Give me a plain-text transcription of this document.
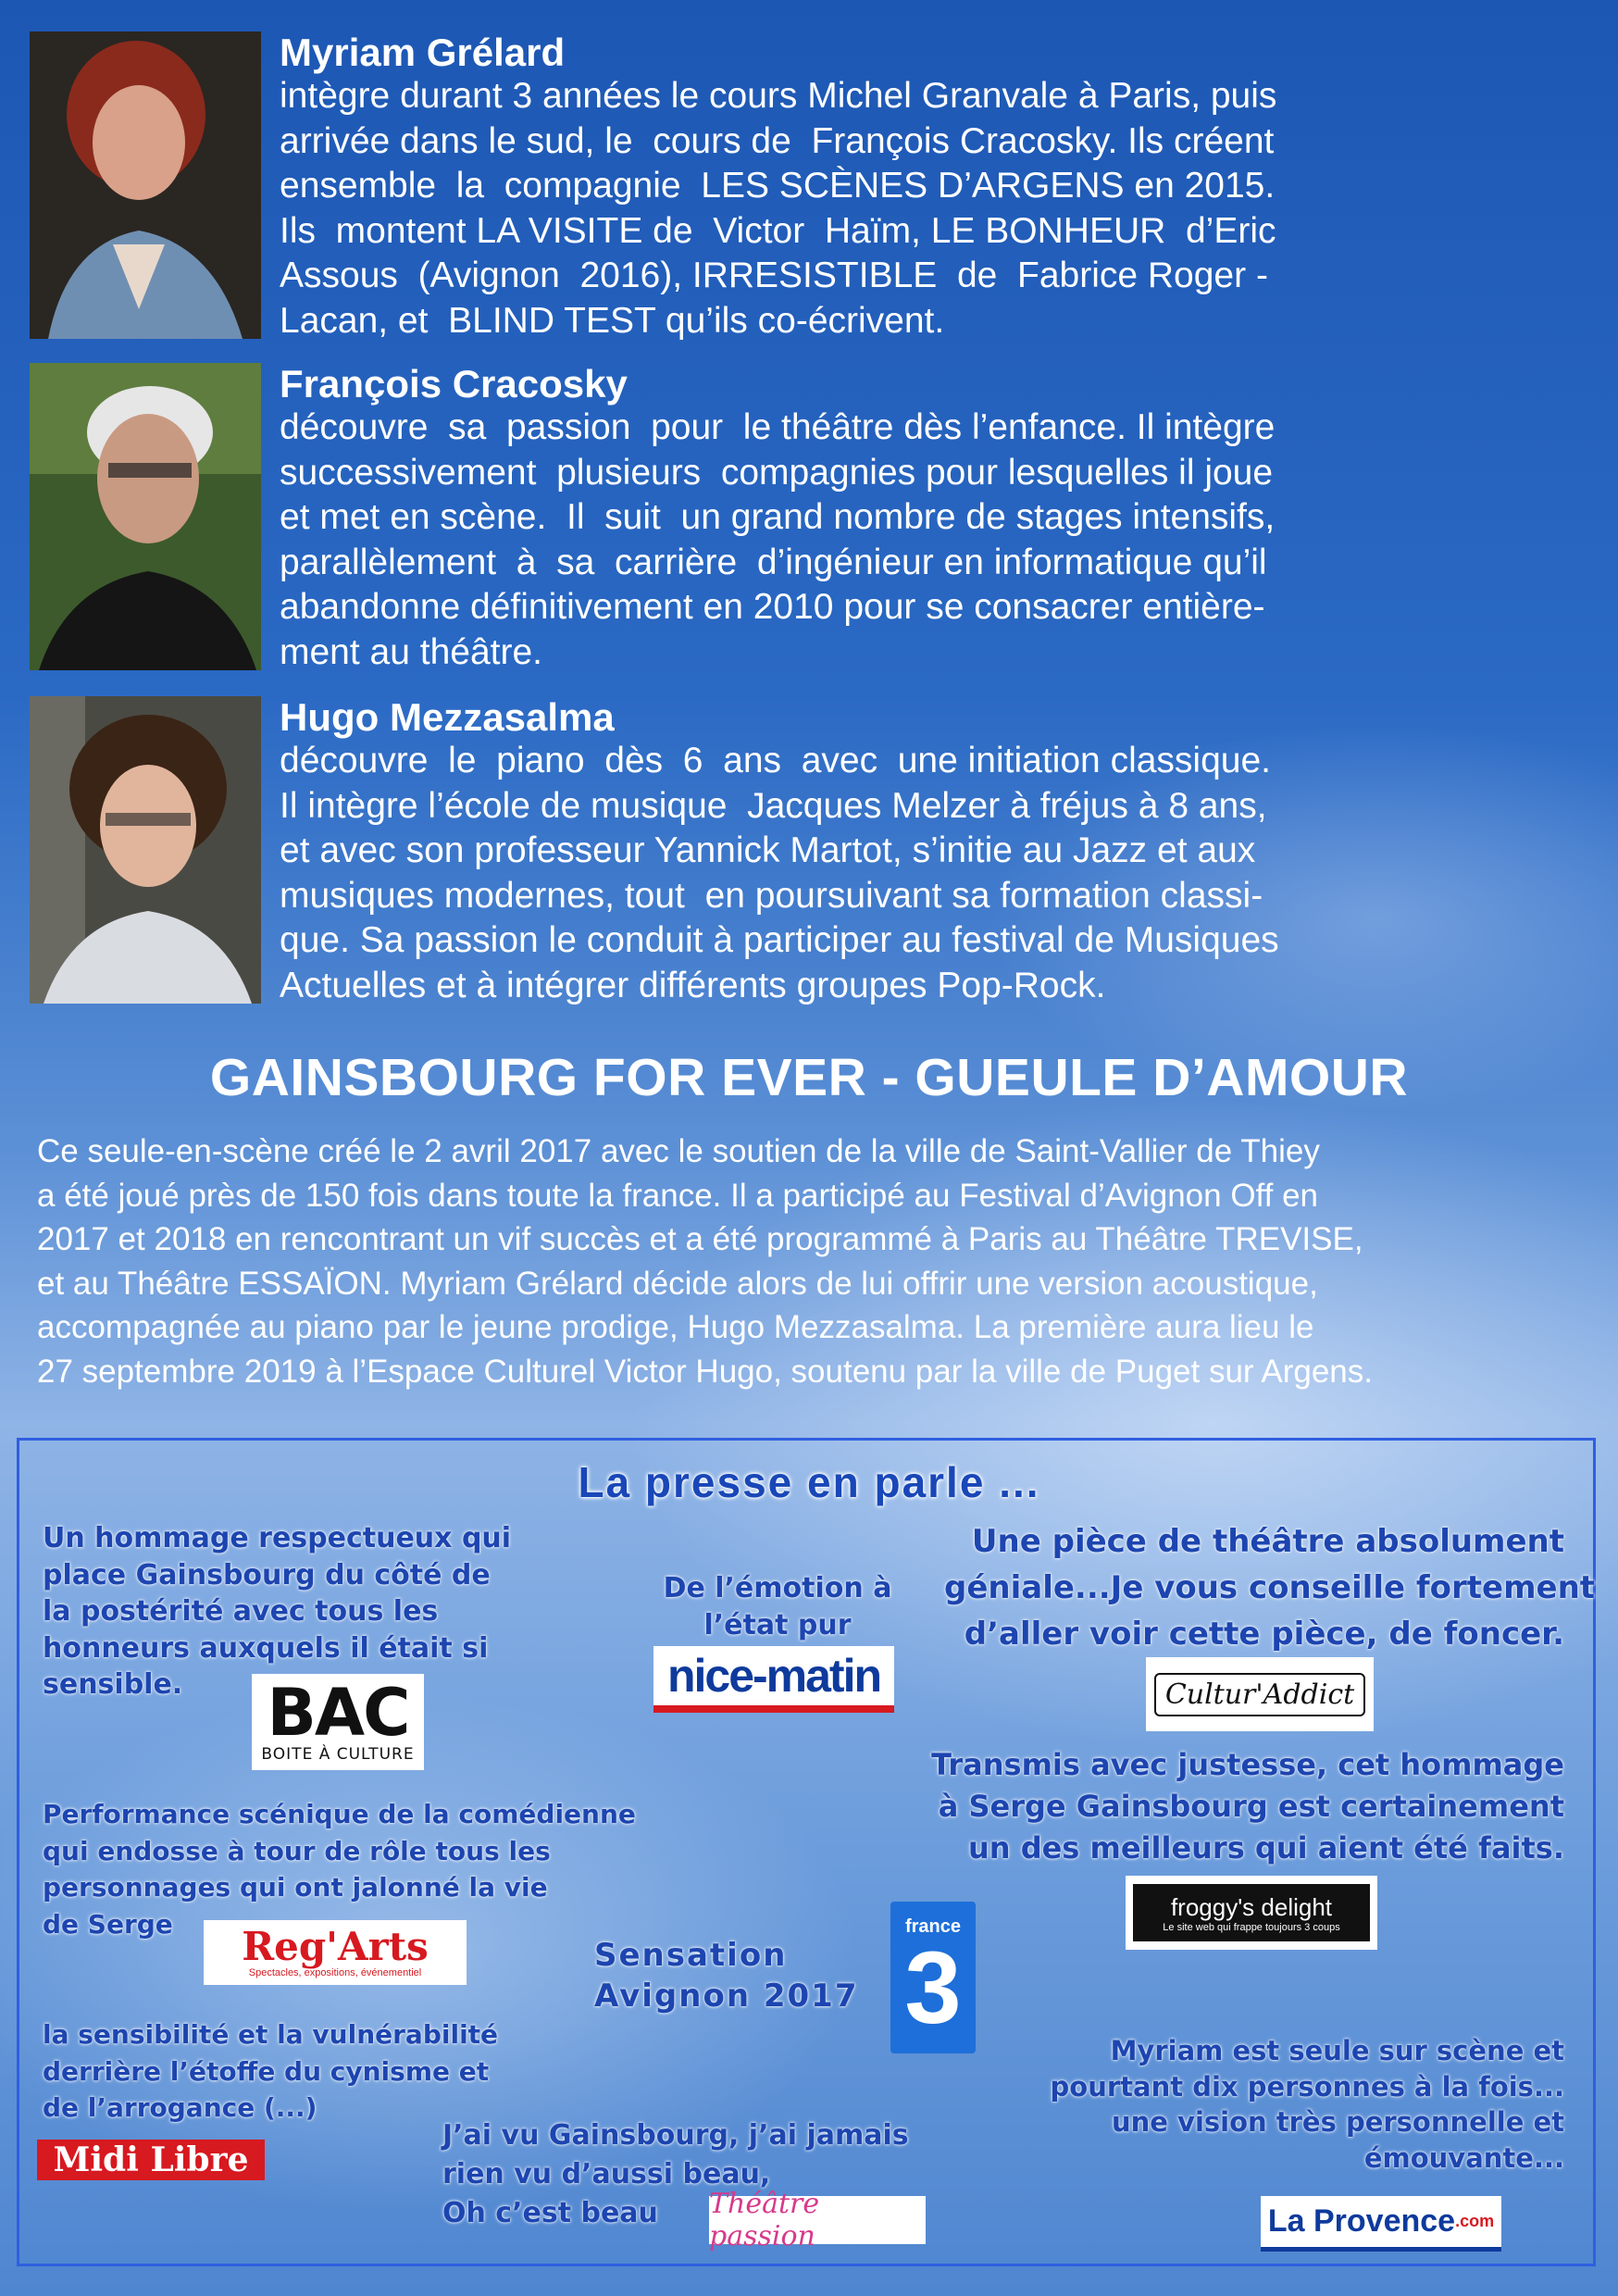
Myriam Grélard

intègre durant 3 années le cours Michel Granvale à Paris, puis

arrivée dans le sud, le  cours de  François Cracosky. Ils créent

ensemble  la  compagnie  LES SCÈNES D’ARGENS en 2015.

Ils  montent LA VISITE de  Victor  Haïm, LE BONHEUR  d’Eric

Assous  (Avignon  2016), IRRESISTIBLE  de  Fabrice Roger -

Lacan, et  BLIND TEST qu’ils co-écrivent.

François Cracosky

découvre  sa  passion  pour  le théâtre dès l’enfance. Il intègre

successivement  plusieurs  compagnies pour lesquelles il joue

et met en scène.  Il  suit  un grand nombre de stages intensifs,

parallèlement  à  sa  carrière  d’ingénieur en informatique qu’il

abandonne définitivement en 2010 pour se consacrer entière-

ment au théâtre.

Hugo Mezzasalma

découvre  le  piano  dès  6  ans  avec  une initiation classique.

Il intègre l’école de musique  Jacques Melzer à fréjus à 8 ans,

et avec son professeur Yannick Martot, s’initie au Jazz et aux

musiques modernes, tout  en poursuivant sa formation classi-

que. Sa passion le conduit à participer au festival de Musiques

Actuelles et à intégrer différents groupes Pop-Rock.

GAINSBOURG FOR EVER - GUEULE D’AMOUR

Ce seule-en-scène créé le 2 avril 2017 avec le soutien de la ville de Saint-Vallier de Thiey

a été joué près de 150 fois dans toute la france. Il a participé au Festival d’Avignon Off en

2017 et 2018 en rencontrant un vif succès et a été programmé à Paris au Théâtre TREVISE,

et au Théâtre ESSAÏON. Myriam Grélard décide alors de lui offrir une version acoustique,

accompagnée au piano par le jeune prodige, Hugo Mezzasalma. La première aura lieu le

27 septembre 2019 à l’Espace Culturel Victor Hugo, soutenu par la ville de Puget sur Argens.

La presse en parle ...

Un hommage respectueux qui

place Gainsbourg du côté de

la postérité avec tous les

honneurs auxquels il était si

sensible.

De l’émotion à

l’état pur

Une pièce de théâtre absolument

géniale...Je vous conseille fortement

d’aller voir cette pièce, de foncer.

Transmis avec justesse, cet hommage

à Serge Gainsbourg est certainement

un des meilleurs qui aient été faits.

Performance scénique de la comédienne

qui endosse à tour de rôle tous les

personnages qui ont jalonné la vie

de Serge

Sensation

Avignon 2017

la sensibilité et la vulnérabilité

derrière l’étoffe du cynisme et

de l’arrogance (...)

J’ai vu Gainsbourg, j’ai jamais

rien vu d’aussi beau,

Oh c’est beau

Myriam est seule sur scène et

pourtant dix personnes à la fois...

une vision très personnelle et

émouvante...

BAC
BOITE À CULTURE
nice-matin	Cultur'Addict
froggy's delight
Le site web qui frappe toujours 3 coups
Reg'Arts
Spectacles, expositions, événementiel
france
3
Midi Libre
Théâtre passion	La Provence .com
